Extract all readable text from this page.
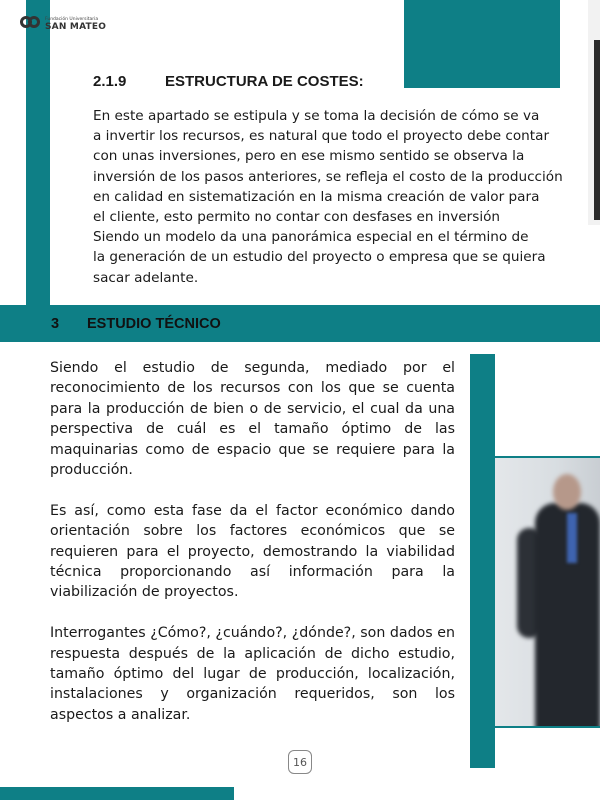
Fundación Universitaria
SAN MATEO
2.1.9	ESTRUCTURA DE COSTES:

En este apartado se estipula y se toma la decisión de cómo se va
a invertir los recursos, es natural que todo el proyecto debe contar
con unas inversiones, pero en ese mismo sentido se observa la
inversión de los pasos anteriores, se refleja el costo de la producción
en calidad en sistematización en la misma creación de valor para
el cliente, esto permito no contar con desfases en inversión
Siendo un modelo da una panorámica especial en el término de
la generación de un estudio del proyecto o empresa que se quiera
sacar adelante.

3 ESTUDIO TÉCNICO

Siendo el estudio de segunda, mediado por el reconocimiento de los recursos con los que se cuenta para la producción de bien o de servicio, el cual da una perspectiva de cuál es el tamaño óptimo de las maquinarias como de espacio que se requiere para la producción.

Es así, como esta fase da el factor económico dando orientación sobre los factores económicos que se requieren para el proyecto, demostrando la viabilidad técnica proporcionando así información para la viabilización de proyectos.

Interrogantes ¿Cómo?, ¿cuándo?, ¿dónde?, son dados en respuesta después de la aplicación de dicho estudio, tamaño óptimo del lugar de producción, localización, instalaciones y organización requeridos, son los aspectos a analizar.

16
